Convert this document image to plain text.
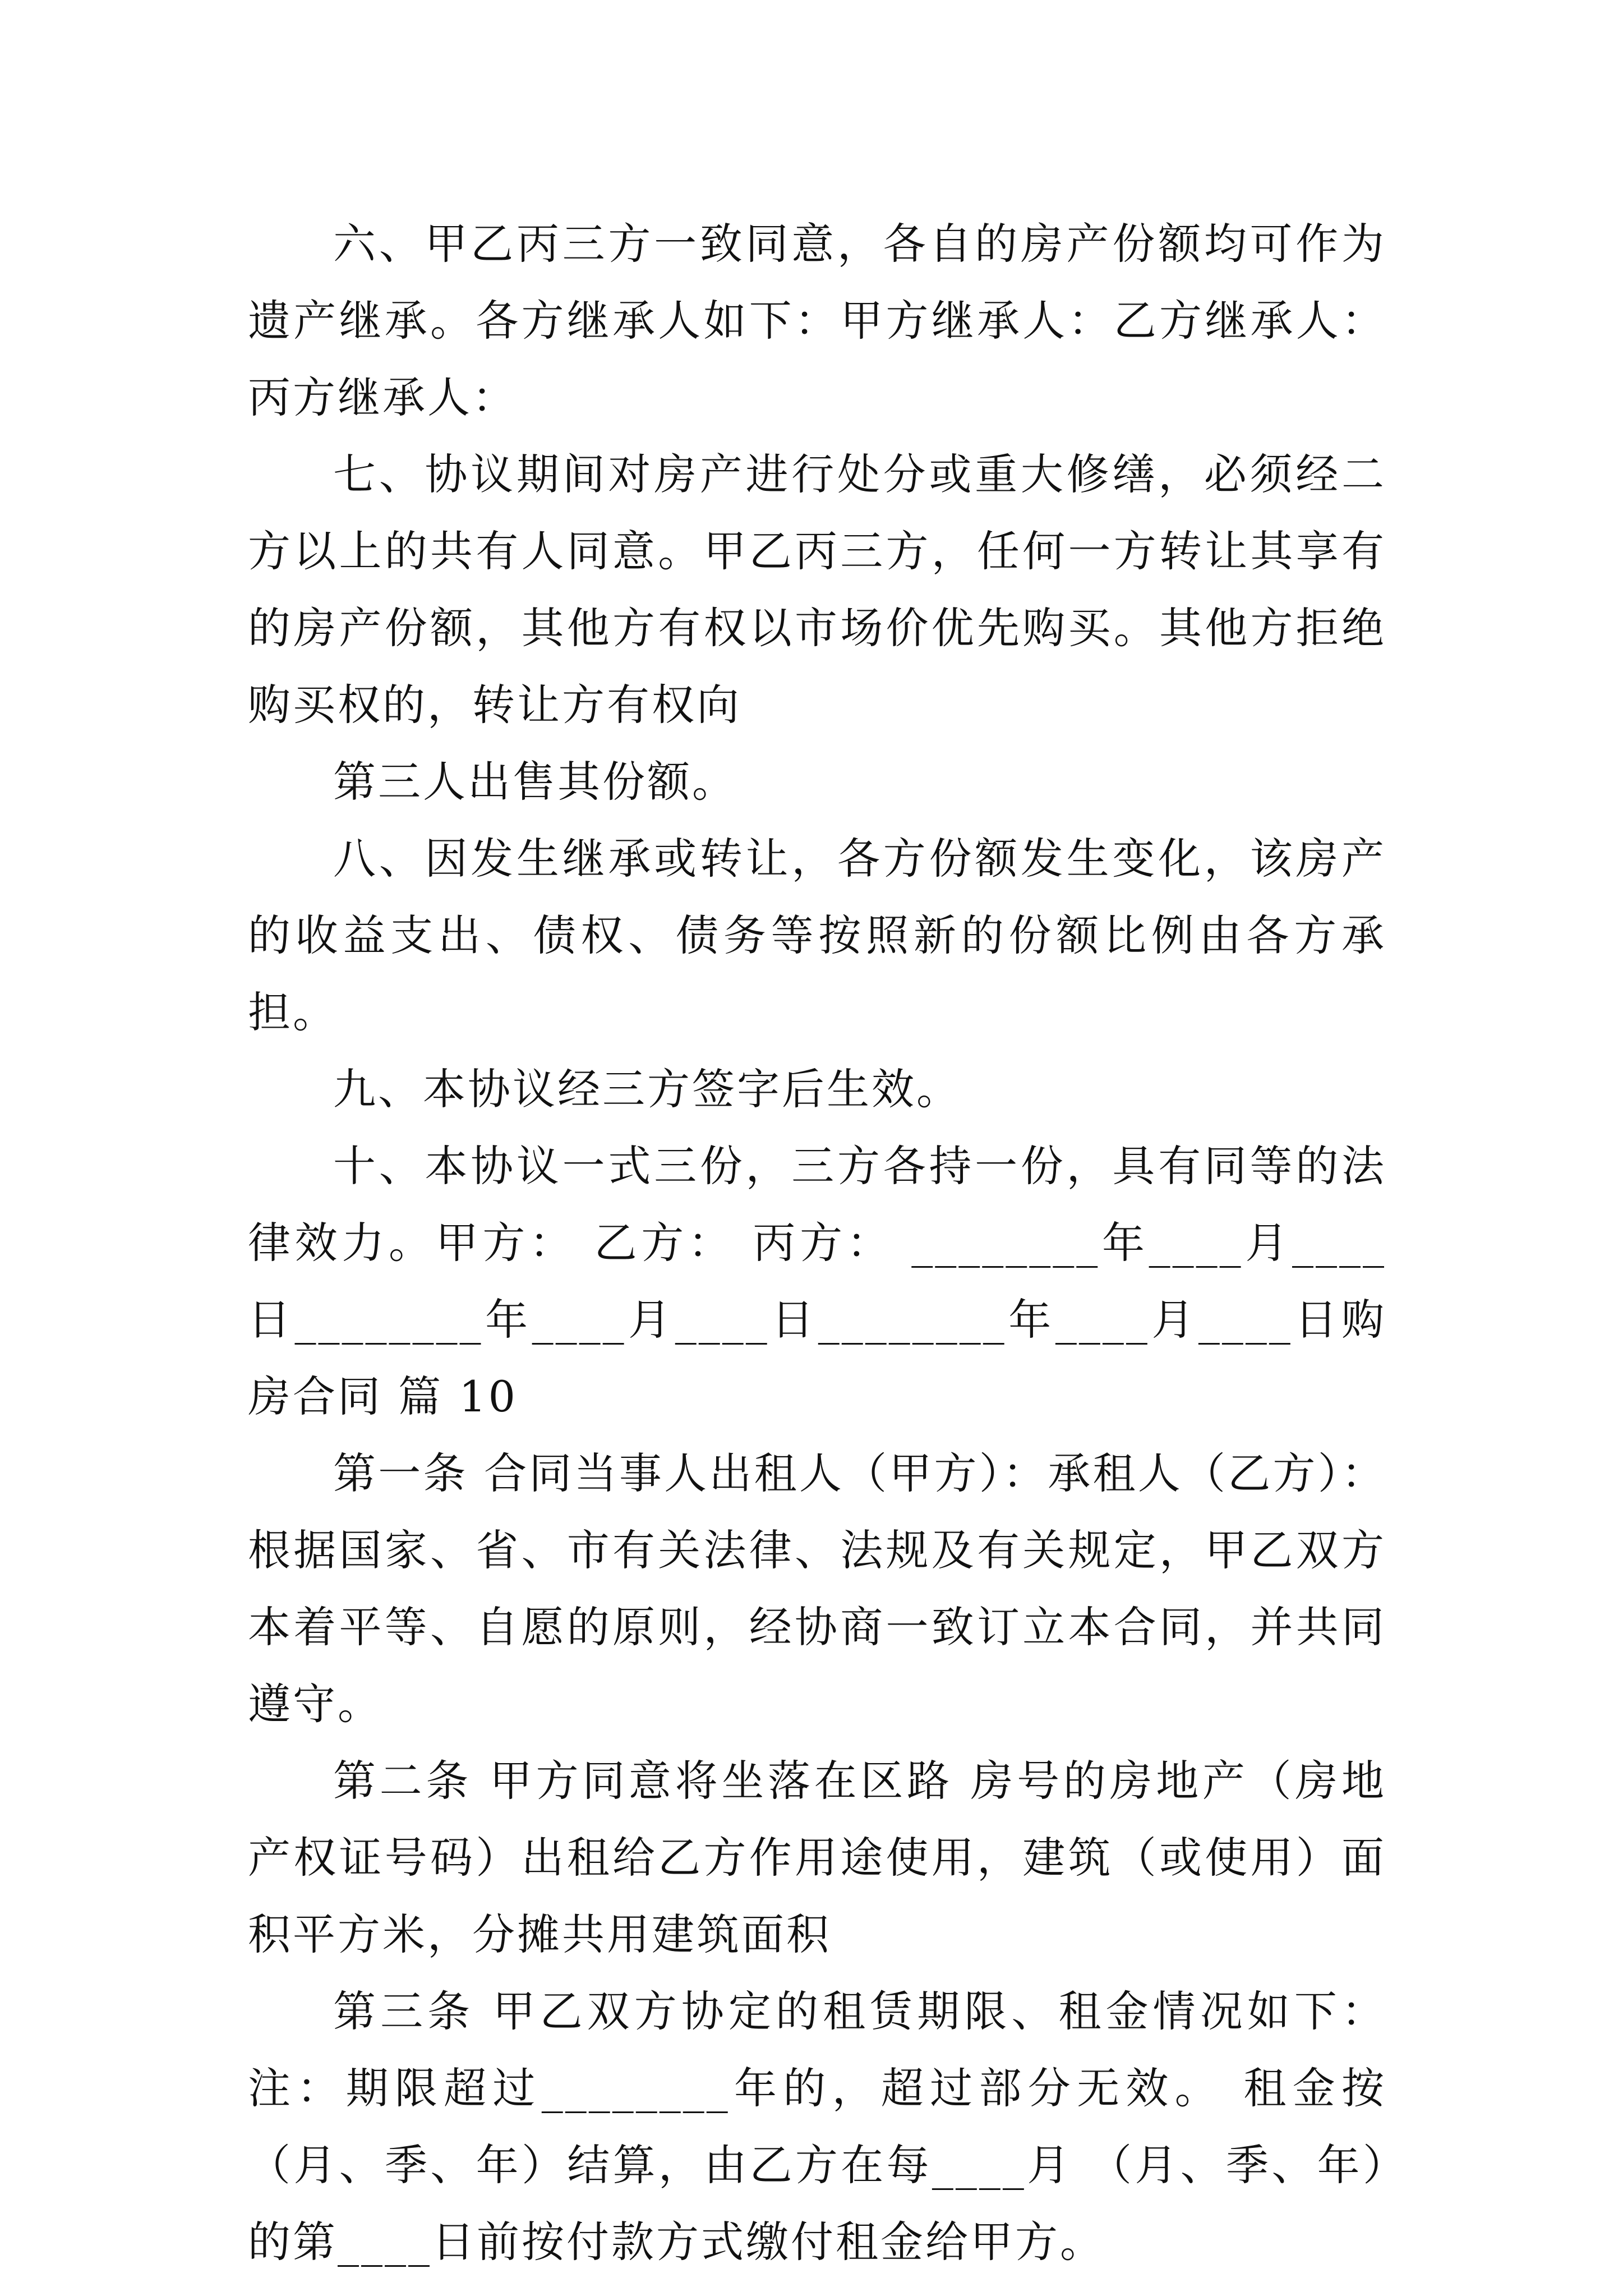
六、甲乙丙三方一致同意，各自的房产份额均可作为遗产继承。各方继承人如下：甲方继承人：乙方继承人：丙方继承人：

七、协议期间对房产进行处分或重大修缮，必须经二方以上的共有人同意。甲乙丙三方，任何一方转让其享有的房产份额，其他方有权以市场价优先购买。其他方拒绝购买权的，转让方有权向

第三人出售其份额。

八、因发生继承或转让，各方份额发生变化，该房产的收益支出、债权、债务等按照新的份额比例由各方承担。

九、本协议经三方签字后生效。

十、本协议一式三份，三方各持一份，具有同等的法律效力。甲方： 乙方： 丙方： ________年____月____日________年____月____日________年____月____日购房合同 篇 10

第一条 合同当事人出租人（甲方）：承租人（乙方）：根据国家、省、市有关法律、法规及有关规定，甲乙双方本着平等、自愿的原则，经协商一致订立本合同，并共同遵守。

第二条 甲方同意将坐落在区路 房号的房地产（房地产权证号码）出租给乙方作用途使用，建筑（或使用）面积平方米，分摊共用建筑面积

第三条 甲乙双方协定的租赁期限、租金情况如下：注：期限超过________年的，超过部分无效。 租金按（月、季、年）结算，由乙方在每____月 （月、季、年）的第____日前按付款方式缴付租金给甲方。
